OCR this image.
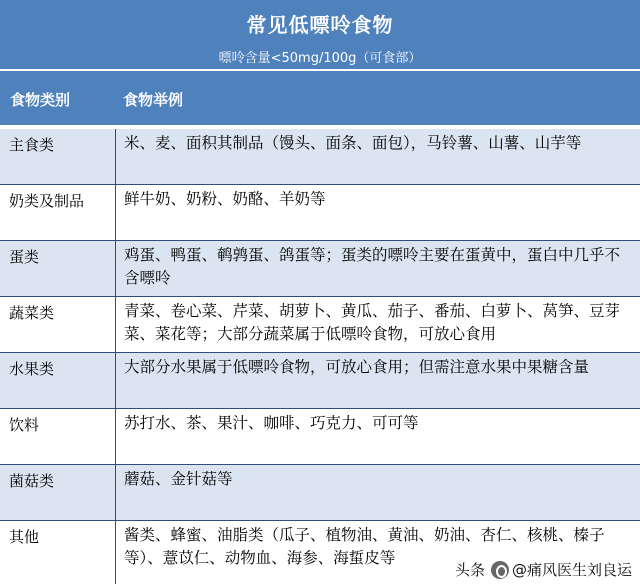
常见低嘌呤食物
嘌呤含量<50mg/100g（可食部）
食物类别	食物举例
主食类	米、麦、面积其制品（馒头、面条、面包），马铃薯、山薯、山芋等
奶类及制品	鲜牛奶、奶粉、奶酪、羊奶等
蛋类	鸡蛋、鸭蛋、鹌鹑蛋、鸽蛋等；蛋类的嘌呤主要在蛋黄中，蛋白中几乎不含嘌呤
蔬菜类	青菜、卷心菜、芹菜、胡萝卜、黄瓜、茄子、番茄、白萝卜、莴笋、豆芽菜、菜花等；大部分蔬菜属于低嘌呤食物，可放心食用
水果类	大部分水果属于低嘌呤食物，可放心食用；但需注意水果中果糖含量
饮料	苏打水、茶、果汁、咖啡、巧克力、可可等
菌菇类	蘑菇、金针菇等
其他	酱类、蜂蜜、油脂类（瓜子、植物油、黄油、奶油、杏仁、核桃、榛子等）、薏苡仁、动物血、海参、海蜇皮等
头条 @痛风医生刘良运
